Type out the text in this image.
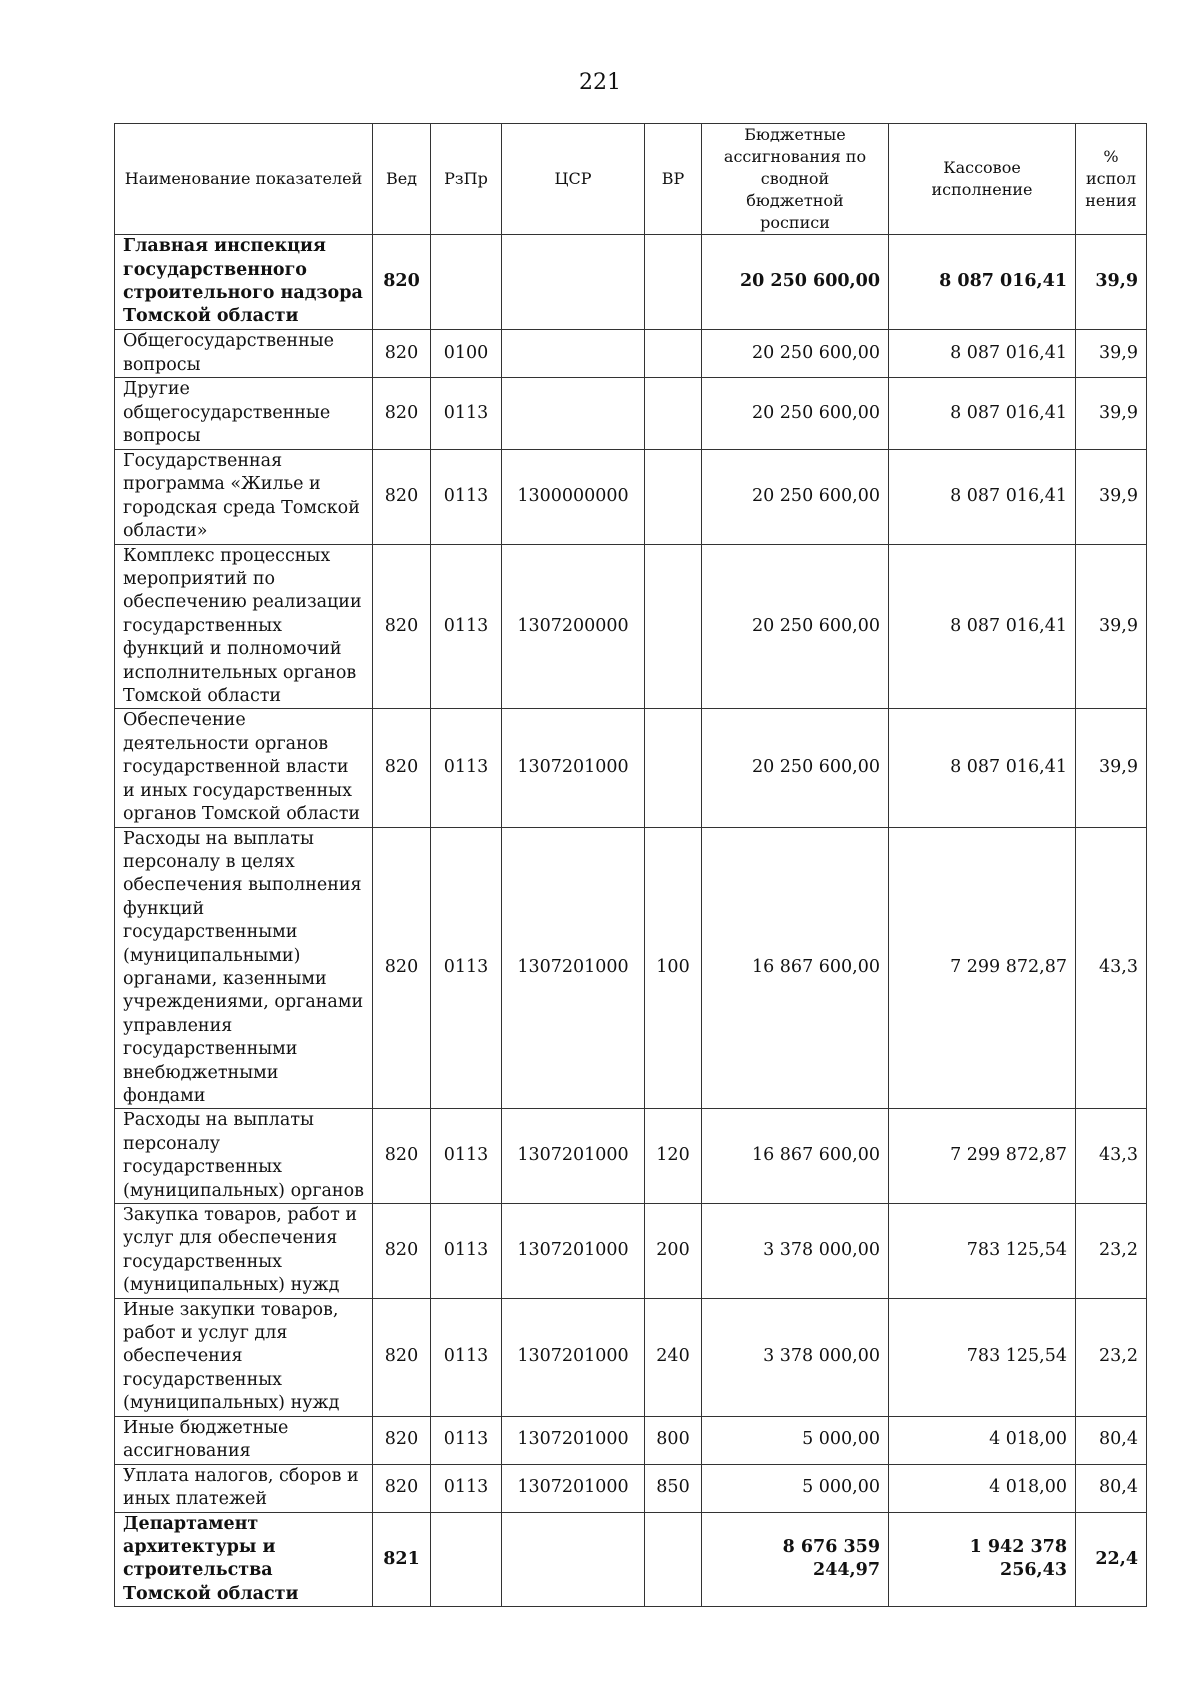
221
Наименование показателей	Вед	РзПр	ЦСР	ВР	Бюджетные ассигнования по сводной бюджетной росписи	Кассовое исполнение	% испол нения
Главная инспекция государственного строительного надзора Томской области	820				20 250 600,00	8 087 016,41	39,9
Общегосударственные вопросы	820	0100			20 250 600,00	8 087 016,41	39,9
Другие общегосударственные вопросы	820	0113			20 250 600,00	8 087 016,41	39,9
Государственная программа «Жилье и городская среда Томской области»	820	0113	1300000000		20 250 600,00	8 087 016,41	39,9
Комплекс процессных мероприятий по обеспечению реализации государственных функций и полномочий исполнительных органов Томской области	820	0113	1307200000		20 250 600,00	8 087 016,41	39,9
Обеспечение деятельности органов государственной власти и иных государственных органов Томской области	820	0113	1307201000		20 250 600,00	8 087 016,41	39,9
Расходы на выплаты персоналу в целях обеспечения выполнения функций государственными (муниципальными) органами, казенными учреждениями, органами управления государственными внебюджетными фондами	820	0113	1307201000	100	16 867 600,00	7 299 872,87	43,3
Расходы на выплаты персоналу государственных (муниципальных) органов	820	0113	1307201000	120	16 867 600,00	7 299 872,87	43,3
Закупка товаров, работ и услуг для обеспечения государственных (муниципальных) нужд	820	0113	1307201000	200	3 378 000,00	783 125,54	23,2
Иные закупки товаров, работ и услуг для обеспечения государственных (муниципальных) нужд	820	0113	1307201000	240	3 378 000,00	783 125,54	23,2
Иные бюджетные ассигнования	820	0113	1307201000	800	5 000,00	4 018,00	80,4
Уплата налогов, сборов и иных платежей	820	0113	1307201000	850	5 000,00	4 018,00	80,4
Департамент архитектуры и строительства Томской области	821				8 676 359 244,97	1 942 378 256,43	22,4
